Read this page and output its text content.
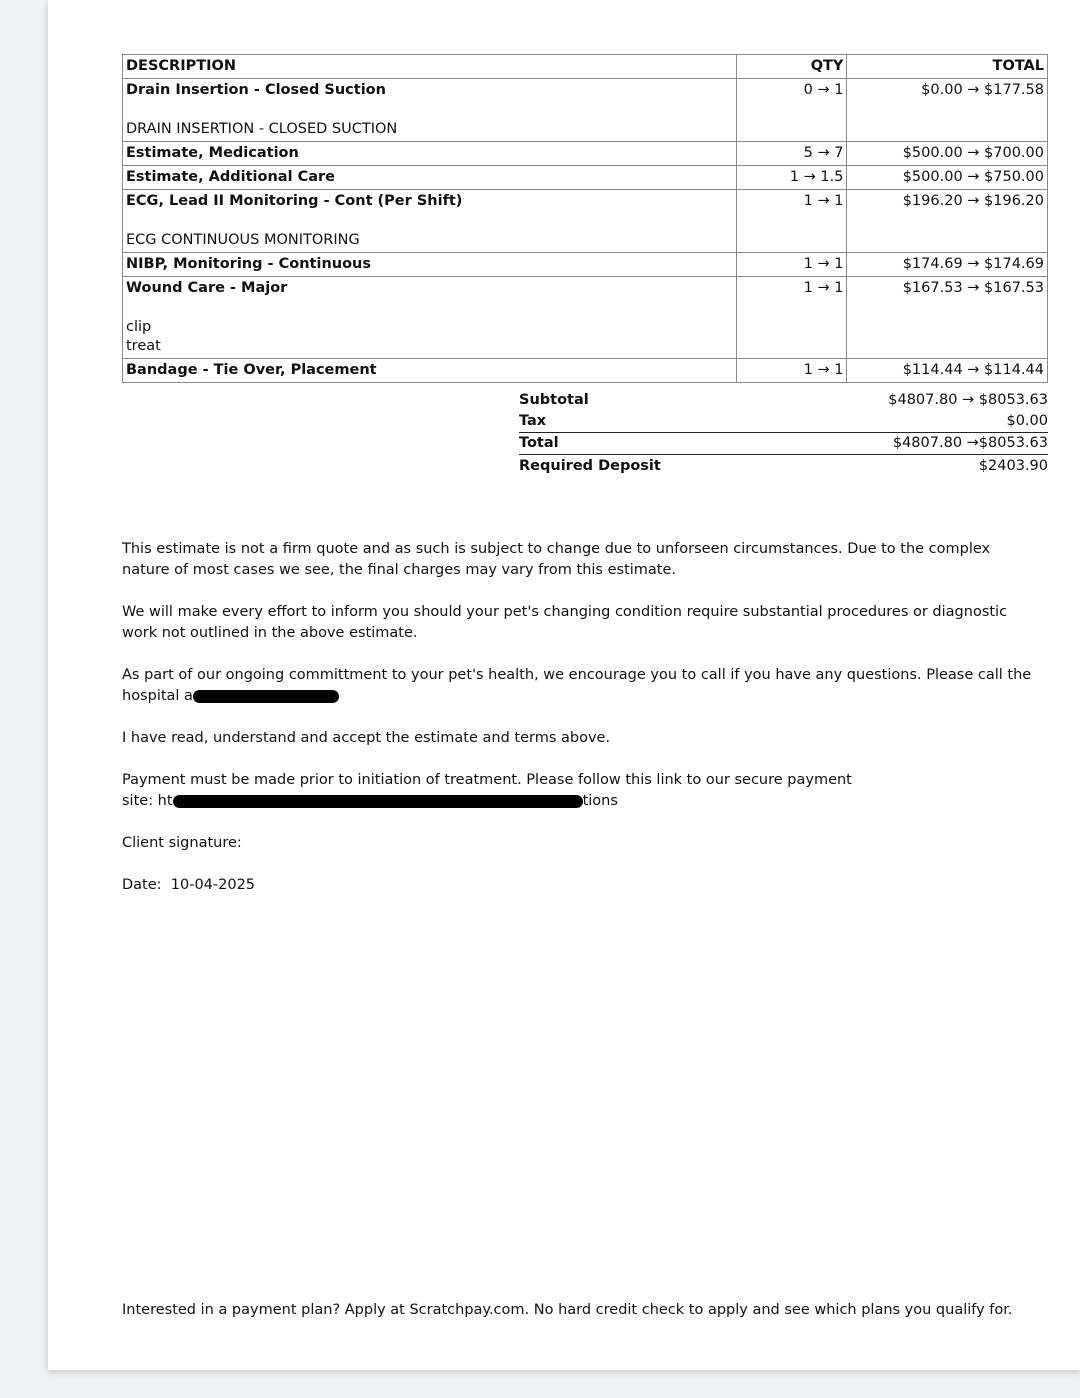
DESCRIPTION	QTY	TOTAL
Drain Insertion - Closed Suction	0 → 1	$0.00 → $177.58

DRAIN INSERTION - CLOSED SUCTION		

Estimate, Medication	5 → 7	$500.00 → $700.00
Estimate, Additional Care	1 → 1.5	$500.00 → $750.00
ECG, Lead II Monitoring - Cont (Per Shift)	1 → 1	$196.20 → $196.20

ECG CONTINUOUS MONITORING		

NIBP, Monitoring - Continuous	1 → 1	$174.69 → $174.69
Wound Care - Major	1 → 1	$167.53 → $167.53

clip
treat		

Bandage - Tie Over, Placement	1 → 1	$114.44 → $114.44
Subtotal	$4807.80 → $8053.63
Tax	$0.00
Total	$4807.80 →$8053.63
Required Deposit	$2403.90

This estimate is not a firm quote and as such is subject to change due to unforseen circumstances. Due to the complex nature of most cases we see, the final charges may vary from this estimate.

We will make every effort to inform you should your pet's changing condition require substantial procedures or diagnostic work not outlined in the above estimate.

As part of our ongoing committment to your pet's health, we encourage you to call if you have any questions. Please call the
hospital a

I have read, understand and accept the estimate and terms above.

Payment must be made prior to initiation of treatment. Please follow this link to our secure payment
site: ht	tions

Client signature:

Date: 10-04-2025

Interested in a payment plan? Apply at Scratchpay.com. No hard credit check to apply and see which plans you qualify for.
